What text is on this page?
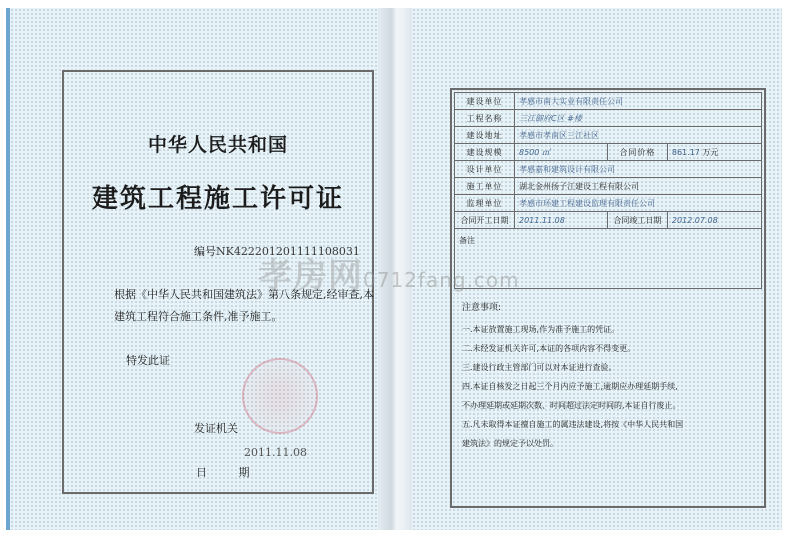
中华人民共和国
建筑工程施工许可证
编号NK422201201111108031
根据《中华人民共和国建筑法》第八条规定,经审查,本建筑工程符合施工条件,准予施工。
特发此证
发证机关
2011.11.08
日 期
建设单位	孝感市南大实业有限责任公司		
工程名称	三江御府C区 #楼		
建设地址	孝感市孝南区三江社区		
建设规模	8500 ㎡	合同价格	861.17 万元
设计单位	孝感嘉和建筑设计有限公司		
施工单位	湖北金州扬子江建设工程有限公司		
监理单位	孝感市环建工程建设监理有限责任公司		
合同开工日期	2011.11.08	合同竣工日期	2012.07.08
备注			
注意事项:
一.本证放置施工现场,作为准予施工的凭证。
二.未经发证机关许可,本证的各项内容不得变更。
三.建设行政主管部门可以对本证进行查验。
四.本证自核发之日起三个月内应予施工,逾期应办理延期手续,
不办理延期或延期次数、时间超过法定时间的,本证自行废止。
五.凡未取得本证擅自施工的属违法建设,将按《中华人民共和国
建筑法》的规定予以处罚。
孝房网0712fang.com
